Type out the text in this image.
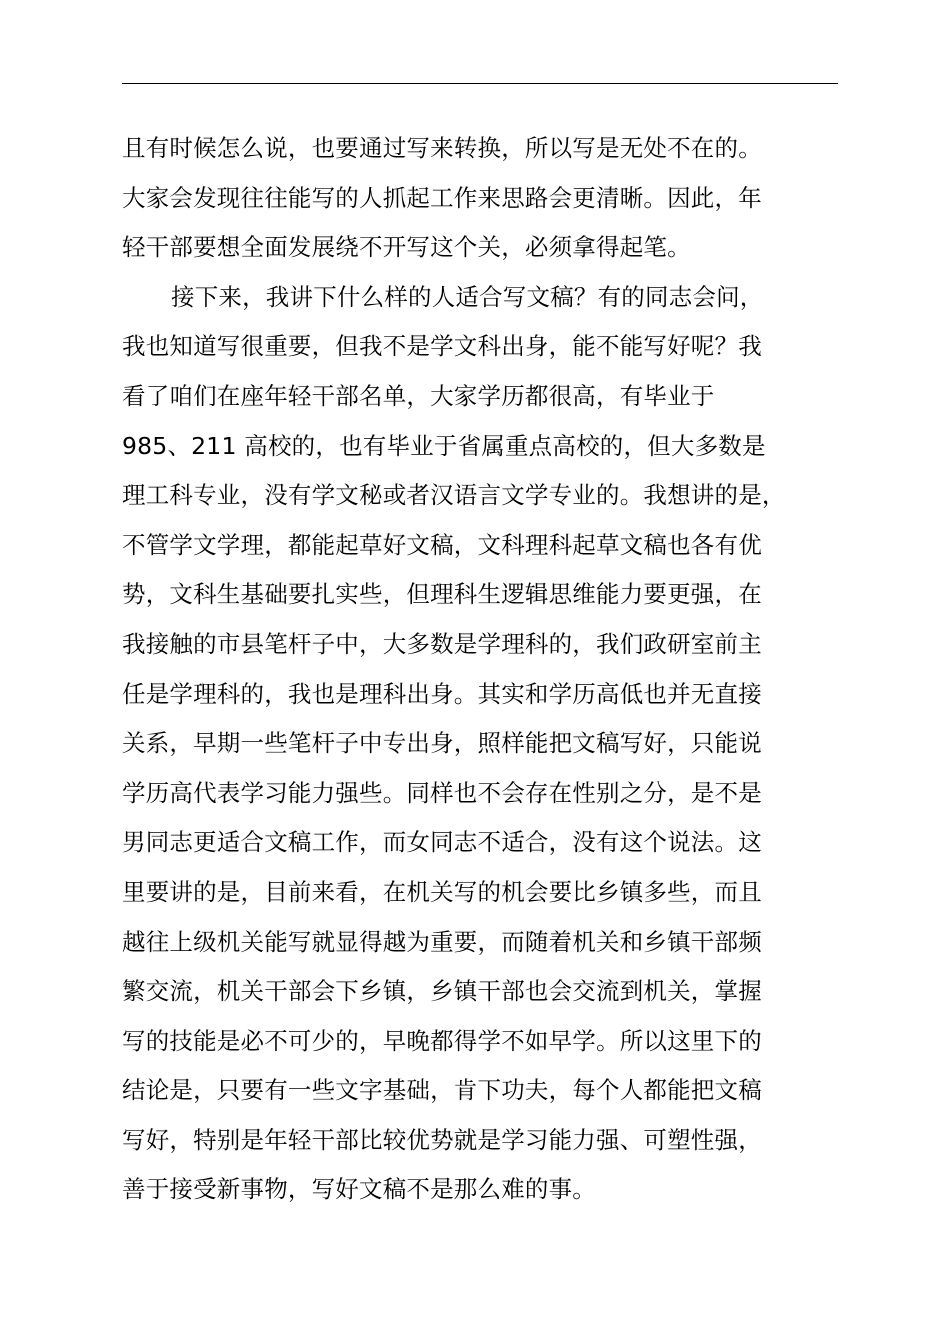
且有时候怎么说，也要通过写来转换，所以写是无处不在的。
大家会发现往往能写的人抓起工作来思路会更清晰。因此，年
轻干部要想全面发展绕不开写这个关，必须拿得起笔。
接下来，我讲下什么样的人适合写文稿？有的同志会问，
我也知道写很重要，但我不是学文科出身，能不能写好呢？我
看了咱们在座年轻干部名单，大家学历都很高，有毕业于
985、211 高校的，也有毕业于省属重点高校的，但大多数是
理工科专业，没有学文秘或者汉语言文学专业的。我想讲的是，
不管学文学理，都能起草好文稿，文科理科起草文稿也各有优
势，文科生基础要扎实些，但理科生逻辑思维能力要更强，在
我接触的市县笔杆子中，大多数是学理科的，我们政研室前主
任是学理科的，我也是理科出身。其实和学历高低也并无直接
关系，早期一些笔杆子中专出身，照样能把文稿写好，只能说
学历高代表学习能力强些。同样也不会存在性别之分，是不是
男同志更适合文稿工作，而女同志不适合，没有这个说法。这
里要讲的是，目前来看，在机关写的机会要比乡镇多些，而且
越往上级机关能写就显得越为重要，而随着机关和乡镇干部频
繁交流，机关干部会下乡镇，乡镇干部也会交流到机关，掌握
写的技能是必不可少的，早晚都得学不如早学。所以这里下的
结论是，只要有一些文字基础，肯下功夫，每个人都能把文稿
写好，特别是年轻干部比较优势就是学习能力强、可塑性强，
善于接受新事物，写好文稿不是那么难的事。
